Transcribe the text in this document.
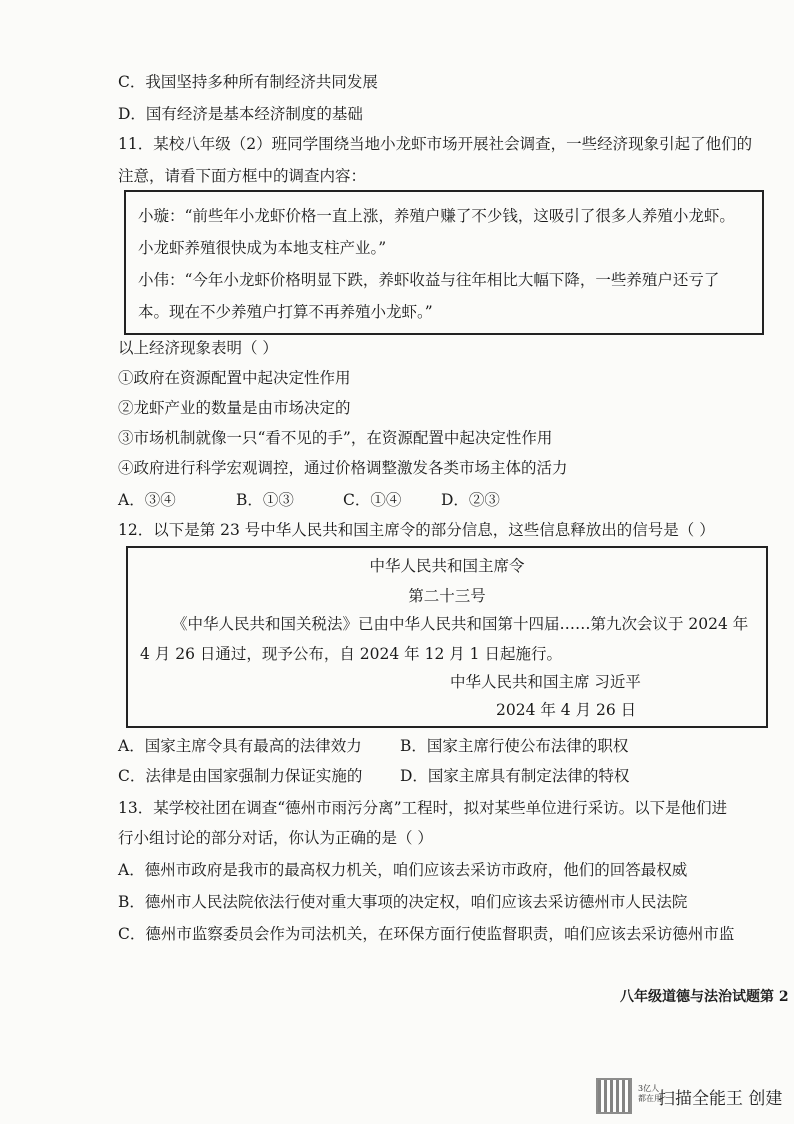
C．我国坚持多种所有制经济共同发展
D．国有经济是基本经济制度的基础
11．某校八年级（2）班同学围绕当地小龙虾市场开展社会调查，一些经济现象引起了他们的
注意，请看下面方框中的调查内容：
小璇：“前些年小龙虾价格一直上涨，养殖户赚了不少钱，这吸引了很多人养殖小龙虾。
小龙虾养殖很快成为本地支柱产业。”
小伟：“今年小龙虾价格明显下跌，养虾收益与往年相比大幅下降，一些养殖户还亏了
本。现在不少养殖户打算不再养殖小龙虾。”
以上经济现象表明（ ）
①政府在资源配置中起决定性作用
②龙虾产业的数量是由市场决定的
③市场机制就像一只“看不见的手”，在资源配置中起决定性作用
④政府进行科学宏观调控，通过价格调整激发各类市场主体的活力
A．③④	B．①③	C．①④	D．②③
12．以下是第 23 号中华人民共和国主席令的部分信息，这些信息释放出的信号是（ ）
中华人民共和国主席令
第二十三号
《中华人民共和国关税法》已由中华人民共和国第十四届……第九次会议于 2024 年
4 月 26 日通过，现予公布，自 2024 年 12 月 1 日起施行。
中华人民共和国主席 习近平
2024 年 4 月 26 日
A．国家主席令具有最高的法律效力 B．国家主席行使公布法律的职权
C．法律是由国家强制力保证实施的 D．国家主席具有制定法律的特权
13．某学校社团在调查“德州市雨污分离”工程时，拟对某些单位进行采访。以下是他们进
行小组讨论的部分对话，你认为正确的是（ ）
A．德州市政府是我市的最高权力机关，咱们应该去采访市政府，他们的回答最权威
B．德州市人民法院依法行使对重大事项的决定权，咱们应该去采访德州市人民法院
C．德州市监察委员会作为司法机关，在环保方面行使监督职责，咱们应该去采访德州市监
八年级道德与法治试题第 2
3亿人
都在用
扫描全能王 创建
